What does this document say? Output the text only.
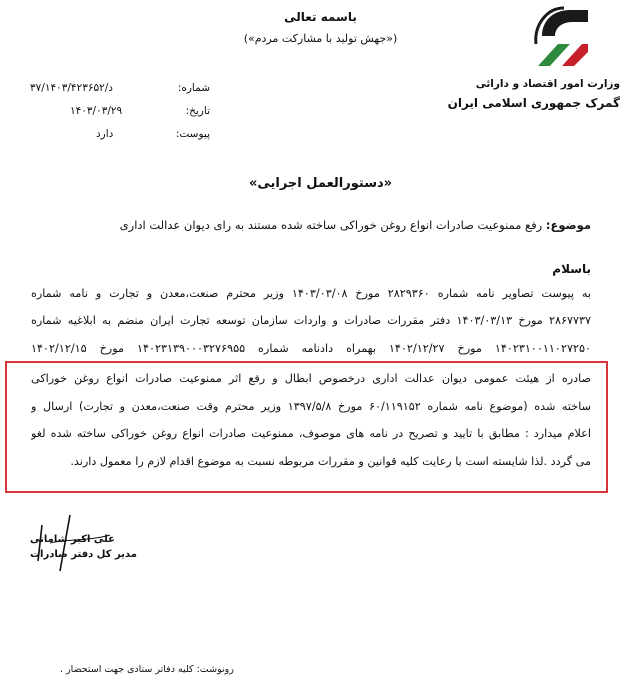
باسمه تعالی
(«جهش تولید با مشارکت مردم»)
وزارت امور اقتصاد و دارائی
گمرک جمهوری اسلامی ایران
شماره:
۳۷/۱۴۰۳/۴۲۳۶۵۲/د
تاریخ:
۱۴۰۳/۰۳/۲۹
پیوست:
دارد
«دستورالعمل اجرایی»
موضوع: رفع ممنوعیت صادرات انواع روغن خوراکی ساخته شده مستند به رای دیوان عدالت اداری
باسلام
به پیوست تصاویر نامه شماره ۲۸۲۹۳۶۰ مورخ ۱۴۰۳/۰۳/۰۸ وزیر محترم صنعت،معدن و تجارت و نامه شماره
۲۸۶۷۷۳۷ مورخ ۱۴۰۳/۰۳/۱۳ دفتر مقررات صادرات و واردات سازمان توسعه تجارت ایران منضم به ابلاغیه شماره
۱۴۰۲۳۱۰۰۱۱۰۲۷۲۵۰ مورخ ۱۴۰۲/۱۲/۲۷ بهمراه دادنامه شماره ۱۴۰۲۳۱۳۹۰۰۰۳۲۷۶۹۵۵ مورخ ۱۴۰۲/۱۲/۱۵
صادره از هیئت عمومی دیوان عدالت اداری درخصوص ابطال و رفع اثر ممنوعیت صادرات انواع روغن خوراکی
ساخته شده (موضوع نامه شماره ۶۰/۱۱۹۱۵۲ مورخ ۱۳۹۷/۵/۸ وزیر محترم وقت صنعت،معدن و تجارت) ارسال و
اعلام میدارد : مطابق با تایید و تصریح در نامه های موصوف، ممنوعیت صادرات انواع روغن خوراکی ساخته شده لغو
می گردد .لذا شایسته است با رعایت کلیه قوانین و مقررات مربوطه نسبت به موضوع اقدام لازم را معمول دارند.
علی اکبر شامانی
مدیر کل دفتر صادرات
رونوشت: کلیه دفاتر ستادی جهت استحضار .
